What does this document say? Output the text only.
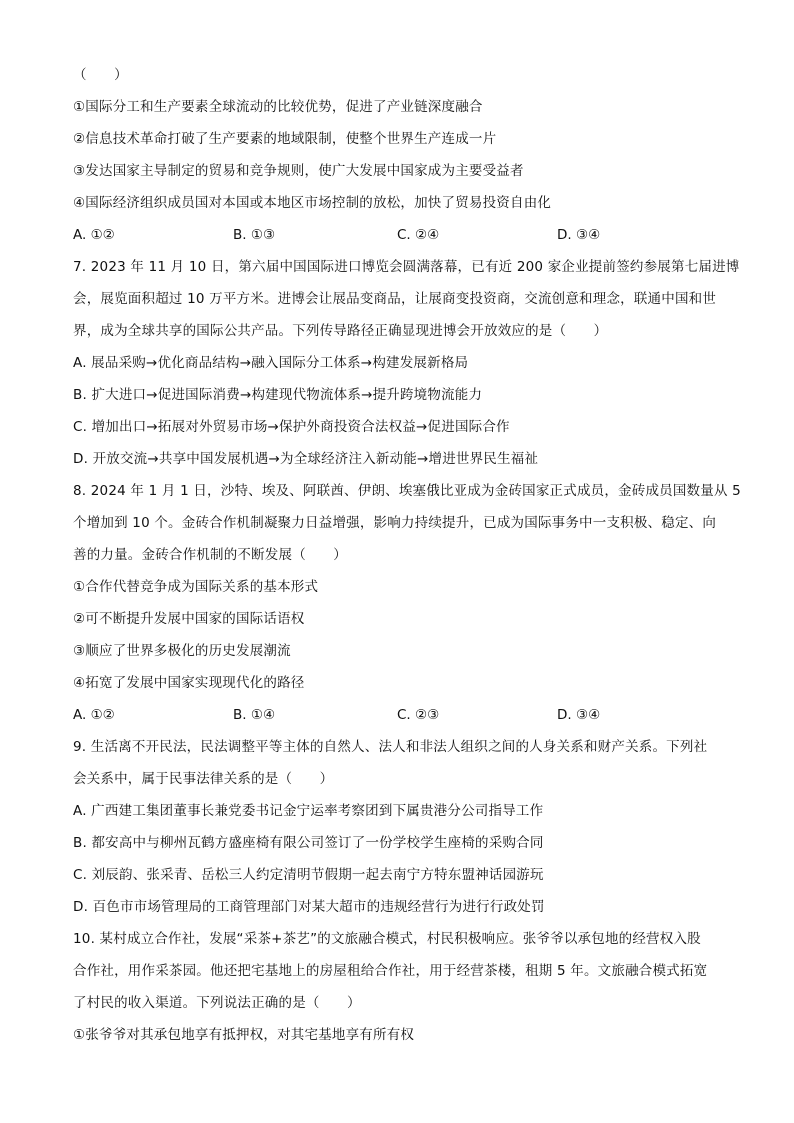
（　　）
①国际分工和生产要素全球流动的比较优势，促进了产业链深度融合
②信息技术革命打破了生产要素的地域限制，使整个世界生产连成一片
③发达国家主导制定的贸易和竞争规则，使广大发展中国家成为主要受益者
④国际经济组织成员国对本国或本地区市场控制的放松，加快了贸易投资自由化
A. ①②	B. ①③	C. ②④	D. ③④
7. 2023 年 11 月 10 日，第六届中国国际进口博览会圆满落幕，已有近 200 家企业提前签约参展第七届进博
会，展览面积超过 10 万平方米。进博会让展品变商品，让展商变投资商，交流创意和理念，联通中国和世
界，成为全球共享的国际公共产品。下列传导路径正确显现进博会开放效应的是（　　）
A. 展品采购→优化商品结构→融入国际分工体系→构建发展新格局
B. 扩大进口→促进国际消费→构建现代物流体系→提升跨境物流能力
C. 增加出口→拓展对外贸易市场→保护外商投资合法权益→促进国际合作
D. 开放交流→共享中国发展机遇→为全球经济注入新动能→增进世界民生福祉
8. 2024 年 1 月 1 日，沙特、埃及、阿联酋、伊朗、埃塞俄比亚成为金砖国家正式成员，金砖成员国数量从 5
个增加到 10 个。金砖合作机制凝聚力日益增强，影响力持续提升，已成为国际事务中一支积极、稳定、向
善的力量。金砖合作机制的不断发展（　　）
①合作代替竞争成为国际关系的基本形式
②可不断提升发展中国家的国际话语权
③顺应了世界多极化的历史发展潮流
④拓宽了发展中国家实现现代化的路径
A. ①②	B. ①④	C. ②③	D. ③④
9. 生活离不开民法，民法调整平等主体的自然人、法人和非法人组织之间的人身关系和财产关系。下列社
会关系中，属于民事法律关系的是（　　）
A. 广西建工集团董事长兼党委书记金宁运率考察团到下属贵港分公司指导工作
B. 都安高中与柳州瓦鹤方盛座椅有限公司签订了一份学校学生座椅的采购合同
C. 刘辰韵、张采青、岳松三人约定清明节假期一起去南宁方特东盟神话园游玩
D. 百色市市场管理局的工商管理部门对某大超市的违规经营行为进行行政处罚
10. 某村成立合作社，发展“采茶+茶艺”的文旅融合模式，村民积极响应。张爷爷以承包地的经营权入股
合作社，用作采茶园。他还把宅基地上的房屋租给合作社，用于经营茶楼，租期 5 年。文旅融合模式拓宽
了村民的收入渠道。下列说法正确的是（　　）
①张爷爷对其承包地享有抵押权，对其宅基地享有所有权
